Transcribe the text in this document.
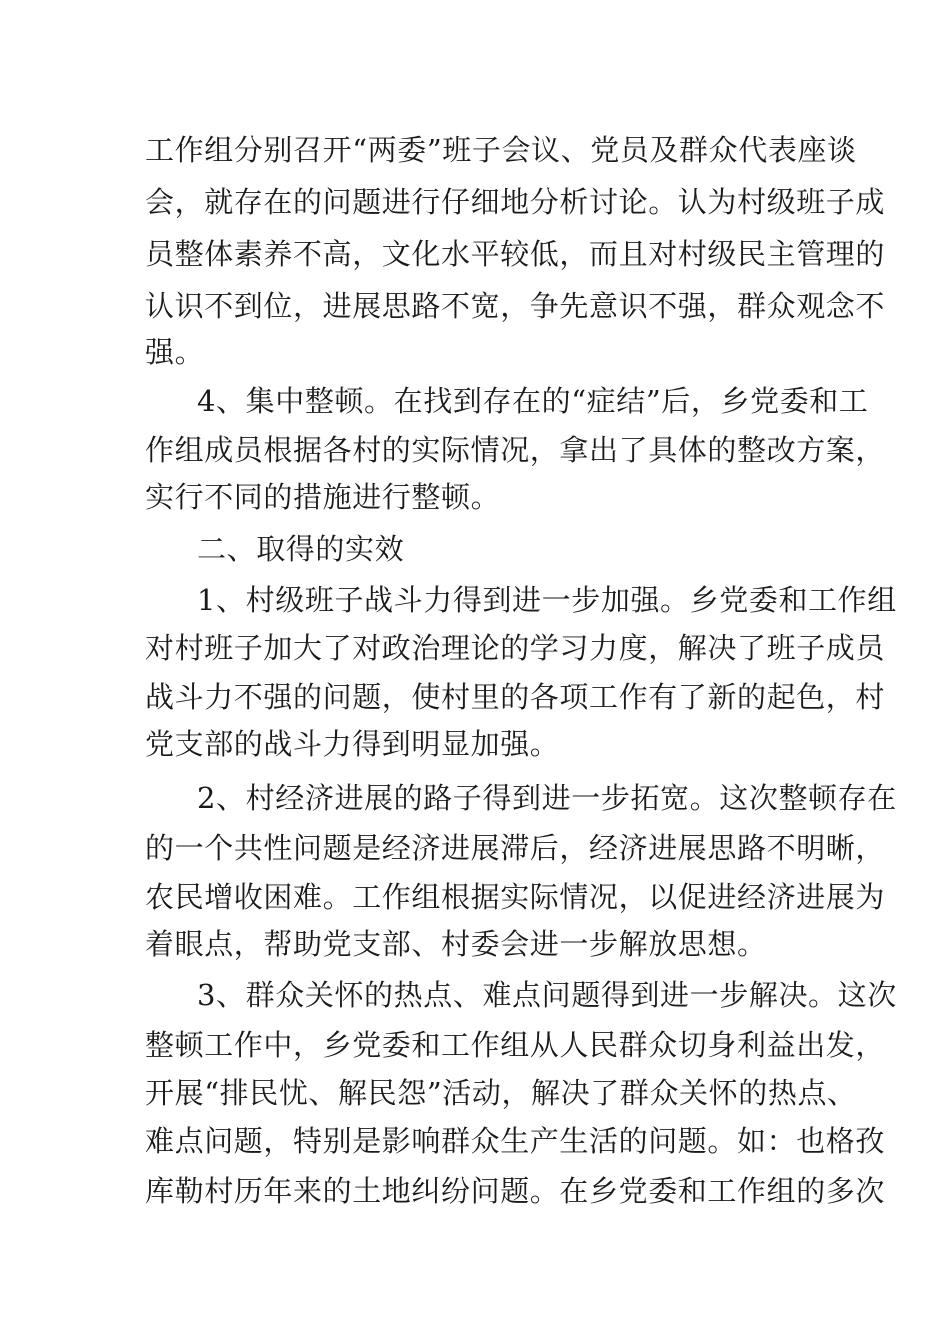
工作组分别召开“两委”班子会议、党员及群众代表座谈
会，就存在的问题进行仔细地分析讨论。认为村级班子成
员整体素养不高，文化水平较低，而且对村级民主管理的
认识不到位，进展思路不宽，争先意识不强，群众观念不
强。
4、集中整顿。在找到存在的“症结”后，乡党委和工
作组成员根据各村的实际情况，拿出了具体的整改方案，
实行不同的措施进行整顿。
二、取得的实效
1、村级班子战斗力得到进一步加强。乡党委和工作组
对村班子加大了对政治理论的学习力度，解决了班子成员
战斗力不强的问题，使村里的各项工作有了新的起色，村
党支部的战斗力得到明显加强。
2、村经济进展的路子得到进一步拓宽。这次整顿存在
的一个共性问题是经济进展滞后，经济进展思路不明晰，
农民增收困难。工作组根据实际情况，以促进经济进展为
着眼点，帮助党支部、村委会进一步解放思想。
3、群众关怀的热点、难点问题得到进一步解决。这次
整顿工作中，乡党委和工作组从人民群众切身利益出发，
开展“排民忧、解民怨”活动，解决了群众关怀的热点、
难点问题，特别是影响群众生产生活的问题。如：也格孜
库勒村历年来的土地纠纷问题。在乡党委和工作组的多次
